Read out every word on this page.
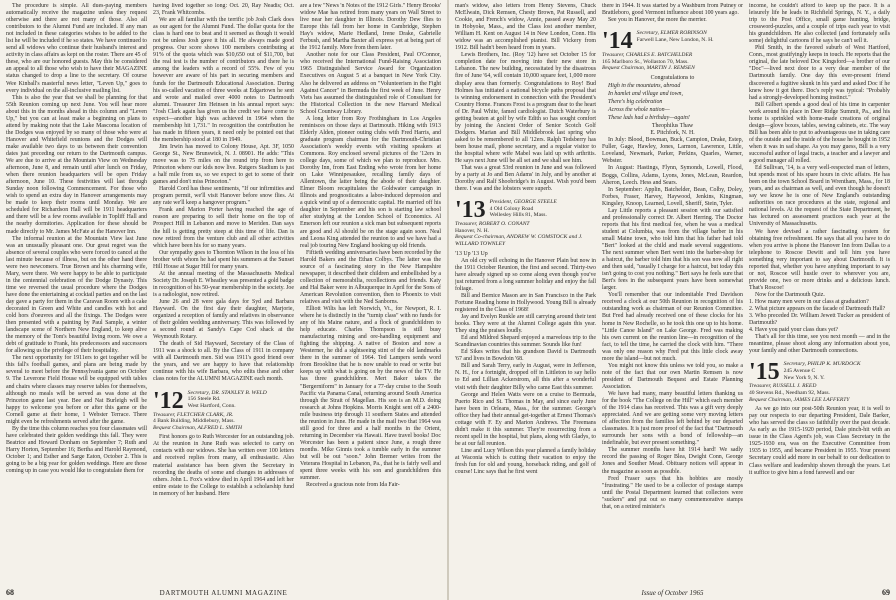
The procedure is simple. All dues-paying members automatically receive the magazine unless they request otherwise and there are not many of those. Also all contributors to the Alumni Fund are included. If any man not included in these categories wishes to be added to the list he will be included if he so states. We have continued to send all widows who continue their husband's interest and activity in class affairs as kept on the roster. There are 45 of these, who are our honored guests. May this be considered an appeal to all those who wish to have their MAGAZINE status changed to drop a line to the secretary. Of course Wee Kinball's masterful news letter, "Leven Up," goes to every individual on the all-inclusive mailing list.

This is also the year that we shall be planning for that 55th Reunion coming up next June. You will hear more about this in the months ahead in this column and "Leven Up," but you can at least make a beginning on plans to attend by making note that the Lake Mascoma location of the Dodges was enjoyed by so many of those who were at Hanover and Whitefield reunions and the Dodges will make available two days to us between their convention dates just preceding our return to the Dartmouth campus. We are due to arrive at the Mountain View on Wednesday afternoon, June 8, and remain until after lunch on Friday, when there reunion headquarters will be open Friday afternoon, June 10. These festivities will last through Sunday noon following Commencement. For those who wish to spend an extra day in Hanover arrangements may be made to keep their rooms until Monday. We are scheduled for Richardson Hall will be 1911 headquarters and there will be a few rooms available in Topliff Hall and the nearby dormitories. Application for these should be made directly to Mr. James McFate at the Hanover Inn.

The informal reunion at the Mountain View last June was an unusually pleasant one. Our great regret was the absence of several couples who were forced to cancel at the last minute because of illness, but on the other hand there were two newcomers. True Brown and his charming wife, Mary, were there. We were happy to be able to participate in the centennial celebration of the Dodge Dynasty. This time we reversed the usual procedure where the Dodges have done the entertaining at cocktail parties and on the last day gave a party for them in the Caravan Room with a cake decorated in Green and White and candles with hot and cold hors d'oeuvres and all the fixings. The Dodges were then presented with a painting by Paul Sample, a winter landscape scene of Northern New England, to keep alive the memory of the Tom's beautiful living room. We owe a debt of gratitude to Frank, his predecessors and successors for allowing us the privilege of their hospitality.

The next opportunity for 1911ers to get together will be this fall's football games, and plans are being made by several to meet before the Pennsylvania game on October 9. The Leverone Field House will be equipped with tables and chairs where classes may reserve tables for themselves, although no meals will be served as was done at the Princeton game last year. Bee and Nat Burleigh will be happy to welcome you before or after this game or the Cornell game at their home, 1 Webster Terrace. There might even be refreshments served after the game.

By the time this column reaches you four classmates will have celebrated their golden weddings this fall. They were Beatrice and Howard Donham on September 7; Ruth and Harry Horton, September 16; Bertha and Harold Raymond, October 1; and Esther and Sarge Eaton, October 2. This is going to be a big year for golden weddings. Here are those coming up in case you would like to congratulate them for

having lived together so long: Oct. 20, Ray Neadis; Oct. 23, Frank Whitcombs.

We are all familiar with the terrific job Josh Clark does as our agent for the Alumni Fund. The dollar quota for the class is hard one to beat and it seemed as though it would not be unless Josh gave it his all. He always made good progress. Our score shows 100 members contributing at 91% of the quota which was $10,650 out of $11,700, but the real test is the number of contributors and there he is among the leaders with a record of 55%. Few of you however are aware of his part in securing members and funds for the Dartmouth Educational Association. During his so-called vacation of three weeks at Edgartown he sent and wrote and mailed over 4000 notes to Dartmouth alumni. Treasurer Jim Heinsen in his annual report says: "Josh Clark again has given us the credit we have come to expect—another high was achieved in 1964 when the membership hit 1,731." In recognition the contribution he has made in fifteen years, it need only be pointed out that the membership stood at 180 in 1949.

Jim Irwin has moved to Colony House, Apt. 3F, 1050 George St., New Brunswick, N. J. 08901. He adds: "This move was to 75 miles on the round trip from here to Princeton where our kids now live. Rutgers Stadium is just a half mile from us, so we expect to get to some of their games and don't miss Princeton."

Harold Cord has these sentiments, "If our infirmities and program permit, we'll visit Hanover before snow flies. At any rate we'll keep a hangover program."

Frank and Marion Porter having reached the age of reason are preparing to sell their home on the top of Prospect Hill in Lebanon and move to Meriden. Dan says the hill is getting pretty steep at this time of life. Dan is now retired from the venture club and all other activities which have been his for so many years.

Our sympathy goes to Thornton Wilson in the loss of his brother with whom he had spent his summers at the Sunset Hill House at Sugar Hill for many years.

At the annual meeting of the Massachusetts Medical Society Dr. Joseph E. Wheatley was presented a gold badge in recognition of his 50-year membership in the society. Joe is a radiologist, now retired.

June 26 and 28 were gala days for Syd and Barbara Hayward. On the first day their daughter, Marjorie, organized a reception of family and relatives in observance of their golden wedding anniversary. This was followed by a second round at Sandy's Cape Cod shack at the Weymouth Rotary.

The death of Sid Hayward, Secretary of the Class of 1911 was a shock to all. By the Class of 1911 in company with all Dartmouth men. Sid was 1911's good friend over the years, and we are happy to have that relationship continue with his wife Barbara, who edits these and other class notes for the ALUMNI MAGAZINE each month.

'12 Secretary, DR. STANLEY B. WELD
156 Steele Rd.
West Hartford, Conn.
Treasurer, FLETCHER CLARK, JR.
4 Bank Building, Middlebury, Mass.
Bequest Chairman, ALFRED L. SMITH

First honors go to Ruth Worcester for an outstanding job. At the reunion in June Ruth was selected to carry on contacts with our widows. She has written over 100 letters and received replies from many, all enthusiastic. Also material assistance has been given the Secretary in recording the deaths of some and changes in addresses of others. John L. Fox's widow died in April 1964 and left her entire estate to the College to establish a scholarship fund in memory of her husband. Here

are a few "News 'n Notes of the 1912 Girls." Henry Brooks' widow Mae has retired from many years on Wall Street to live near her daughter in Illinois. Dorothy Dew flies to Europe this fall from her home in Cambridge, Stephen Hay's widow, Marie Hedland, Irene Drake, Gabrielle Ferbush, and Martha Baxter all express yet at being part of the 1912 family. More from them later.

Another note for our Class President, Paul O'Connor, who received the International Fund-Raising Association 1965 Distinguished Service Award for Organization Executives on August 5 at a banquet in New York City. Also he delivered an address on "Volunteerism in the Fight Against Cancer" in Bermuda the first week of June. Henry Viets has assumed the distinguished role of Consultant for the Historical Collection in the new Harvard Medical School Countway Library.

A long letter from Roy Frothingham in Los Angeles reminisces on those days at Dartmouth. Hiking with 1913 Elderly Alden, pioneer outing clubs with Fred Harris, and graduate program chairman for the Dartmouth-Christian Association's weekly events with visiting speakers at Commons. Roy enclosed several pictures of the '12ers in college days, some of which we plan to reproduce. Mrs. Dorothy Inn, from East Ending who wrote from her home on Lake Winnipesaukee, recalling family days of Allentown, the latter being the abode of their daughter. Elmer Bloom recapitulates the Goldwater campaign in Illinois and prognosticates a labor-induced depression and a quick wind up of a democratic capital. He married off his daughter in September and his son is starting law school after studying at the London School of Economics. Al Emerson left our reunion a sick man but subsequent reports are good and Al should be on the stage again soon. Neal and Leona King attended the reunion to and we have had a real job touring New England hooking up old friends.

Fiftieth wedding anniversaries have been recorded by the Harold Bakers and the Ethan Colbys. The latter was the source of a fascinating story in the New Hampshire newspaper, it described their children and embellished by a collection of memorabilia, recollections and friends. Katy and Hal Baker were in Albuquerque in April for the Sons of American Revolution convention, then to Phoenix to visit relatives and visit with the Ned Sanborns.

Elliott Wilts has left Norwich, Vt., for Newport, R. I. where he is distinctly in the "turnip class" with no funds for any of his Maine nature, and a flock of grandchildren to help educate. Charles Thompson is still busy manufacturing mining and ore-handling equipment and fighting the shipping. A native of Boston and now a Westerner, he did a sightseeing stint of the old landmarks there in the summer of 1964. Ted Lampers sends word from Brookline that he is now unable to read or write but keeps up with what is going on by the news of the TV. He has three grandchildren. Mert Baker takes the "Bergerniform" in January for a 77-day cruise to the South Pacific via Panama Canal, returning around South America through the Strait of Magellan. His son is an M.D. doing research at Johns Hopkins. Morris Knight sent off a 2400-mile business trip through 11 southern States and attended the reunion in June. He made in the mail two that 1964 was still good for three and a half months in the Orient, returning in December via Hawaii. Have travel books! Doc Worcester has been a patient since June, a rough three months. Mike Ginnis took a tumble early in the summer but will be out "soon." John Bremer writes from the Veterans Hospital in Lebanon, Pa., that he is fairly well and spent three weeks with his son and grandchildren this summer.

Received a gracious note from Ida Fair-

68	DARTMOUTH ALUMNI MAGAZINE

man's widow, also letters from Henry Stevens, Chuck McElwain, Dick Remsen, Chesty Brown, Pat Russell, and Cookie, and French's widow, Annie, passed away May 20 in Hobyoke, Mass., and the Class lost another member, William H. Kent on August 14 in New London, Conn. His widow was an accomplished pianist. Bill Vickery from 1912. Bill hadn't been heard from in years.

Lewis Brothers, Inc. (Roy '12) have set October 15 for completion date for moving into their new store in Lebanon. The new building, necessitated by the disastrous fire of June '64, will contain 10,000 square feet, 1,000 more display area than formerly. Congratulations to Roy! Bud Holmes has initiated a national bicycle paths proposal that is winning endorsement in connection with the President's Country Home. Frances Frost is a program dear to the heart of Dr. Paul White, famed cardiologist. Dutch Waterbury is getting beaten at golf by wife Edith so has sought comfort by joining the Ancient Order of Senior Scotch Golf Dodgers. Marian and Bill Middlebrook last spring who asked to be remembered to all '12ers. Ralph Tedsberry has been house mail, phone secretary, and a regular visitor to the hospital where wife Mabel was laid up with arthritis. He says next June will be all set and we shall see him.

That was a great 53rd reunion in June and was followed by a party at Jo and Ben Adams' in July, and by another at Dorothy and Ralf Shoobridge's in August. Wish you'd been there. I was and the lobsters were superb.

'13 President, GEORGE STEELE
4 Old Colony Road
Wellesley Hills 81, Mass.
Treasurer, ROBERT O. CONANT
Hanover, N. H.
Bequest Co-chairman, ANDREW W. COMSTOCK and J. WILLARD TOWNLEY

'13 Up '13 Up

An old cry will echoing in the Hanover Plain but now in the 1911 October Reunion, the first and second. Thirty-two have already signed up so come along even though you've just returned from a long summer holiday and enjoy the fall foliage.

Bill and Bernice Mason are in San Francisco in the Park Fortune Reading home in Hollywood. Young Bill is already registered in the Class of 1968!

Jay and Evelyn Runkle are still carrying around their tent books. They were at the Alumni College again this year. They sing the praises loudly.

Ed and Mildred Shepard enjoyed a marvelous trip to the Scandinavian countries this summer. Sounds like fun!

Ed Sikes writes that his grandson David is Dartmouth '67 and lives in Bowdoin '68.

Bill and Sarah Terry, early in August, were in Jefferson, N. H., for a fortnight, dropped off in Littleton to say hello to Ed and Lillian Ackerstrom, all this after a wonderful visit with their daughter Billy who came East this summer.

George and Helen Watts were on a cruise to Bermuda, Puerto Rico and St. Thomas in May, and since early June have been in Orleans, Mass., for the summer. George's office they had their annual get-together at Ernest Thomas's cottage with F. Ey and Marion Andrews. The Freemans didn't make it this summer. They're resurrecting from a recent spell in the hospital, but plans, along with Gladys, to be at our fall reunion.

Line and Lucy Wilson this year planned a family holiday at Waconia which is cutting their vacation to enjoy the fresh fun for old and young, horseback riding, and golf of course! Linc says that he first went

there in 1944. It was started by a Washburn from Putney or Brattleboro, good Vermont influence about 100 years ago.

See you in Hanover, the more the merrier.

'14 Secretary, ELMER ROBINSON
Farwell Lane, New London, N. H.
Treasurer, CHARLES E. BATCHELDER
165 Marlboro St., Wollaston 70, Mass.
Bequest Chairman, MARTIN J. REMSEN

Congratulations to

High in the mountains, abroad

In hamlet and village and town,

There's big celebration

Across the whole nation—

These lads had a birthday—again!

Theophilus Thaw

E. Pitchfork, N. H.

In July: Blood, Bowman, Buck, Campion, Drake, Estep, Fuller, Gage, Hawley, Jones, Larmon, Lawrence, Little, Loveland, Newmark, Parker, Perkins, Quarles, Warner, Webster.

In August: Hastings, Flynn, Symonds, Lowell, Flood, Boggs, Collins, Adams, Lyons, Jones, McLean, Reardon, Aheron, Leech. Hess and Sears.

In September: Applin, Batchelder, Bean, Colby, Doley, Forbes, Fraser, Harvey, Haywood, Jenkins, Kingman, Kingsley, Knoop, Learned, Lovell, Sheriff, Stein, Tyler.

Lay Little reports a pleasant session with our satisfied and professionally correct Dr. Albert Herring. The Doctor reports that his first medical fee, when he was a medical student at Columbia, was from the village barber in his small Maine town, who told him that his father had told "Bert" looked at the child and made several suggestions. The next summer when Bert went into the barber-shop for a haircut, the barber told him that his son was now all right and then said, "usually I charge for a haircut, but today this isn't going to cost you nothing." Bert says he feels sure that Bert's fees in the subsequent years have been somewhat larger.

You'll remember that our indomitable Fred Davidson received a clock at our 50th Reunion in recognition of his outstanding work as chairman of our Reunion Committee. But Fred had already received one of these clocks for his home in New Rochelle, so he took this one up to his home. "Little Canoe Island" on Lake George. Fred was making his own current on the reunion line—in recognition of the fact, to tell the time, he carried the clock with him. "There was only one reason why Fred put this little clock away more the island—but not much.

You might not know this unless we told you, so make a note of the fact that our own Martin Remsen is now president of Dartmouth Bequest and Estate Planning Association.

We have had many, many beautiful letters thanking us for the book "The College on the Hill" which each member of the 1914 class has received. This was a gift very deeply appreciated. And we are getting some very moving letters of affection from the families left behind by our departed classmates. It is just more proof of the fact that "Dartmouth surrounds her sons with a bond of fellowship—an indefinable, but ever present something."

The summer months have hit 1914 hard! We sadly record the passing of Roger Blea, Dwight Conn, George Jones and Souther Mead. Obituary notices will appear in the magazine as soon as possible.

Fred Fraser says that his hobbies are mostly "frustrating." He used to be a collector of postage stamps until the Postal Department learned that collectors were "suckers" and put out so many commemorative stamps that, on a retired minister's

income, he couldn't afford to keep up the pace. It is a leisurely life he leads in Richfield Springs, N. Y., a daily trip to the Post Office, small game hunting, bridge, crossword-puzzles, and a couple of trips each year to visit his grandchildren. He also collected (and fortunately sells some) delightful cartoons if he says he can't sell it.

Phil Smith, in the favored suburb of West Hartford, Conn., most gratifyingly keeps in touch. He reports that the original, the late beloved Doc Kingsford—a brother of our "Doc"—lived next door to a very dear member of the Dartmouth family. One day this ever-present friend discovered a fugitive skunk in his yard and asked Doc if he knew how it got there. Doc's reply was typical: "Probably had a strongly-developed homing instinct."

Bill Gilbert spends a good deal of his time in carpenter work around his place in Deer Ridge Summit, Pa., and his home is sprinkled with home-made creations of original design—glove boxes, tables, sewing cabinets, etc. The way Bill has been able to put to advantageous use in taking care of the outside and the inside of the house he bought in 1952 when it was in sad shape. As you may guess, Bill is a very successful author of legal tracts, a teacher and a lawyer and a good manager all rolled.

Ed Sullivan, '14, is a very well-respected man of letters, but spends most of his spare hours in civic affairs. He has been on the town School Board in Wrentham, Mass., for 18 years, and as chairman as well, and even though he doesn't say we know he is one of New England's outstanding authorities on race procedures at the state, regional and national levels. At the request of the State Department, he has lectured on assessment practices each year at the University of Massachusetts.

We have devised a rather fascinating system for obtaining free refreshment. He says that all you have to do when you arrive is phone the Hanover Inn from Dallas to a telephone to Roscoe Dewitt and tell him you have something very important to say about Dartmouth. It is reported that, whether you have anything important to say or not, Roscoe will hustle over to wherever you are, provide one, two or more drinks and a delicious lunch. That's Roscoe!

Now for the Dartmouth Quiz.

1. How many men were in our class at graduation?

2. What picture appears on the facade of Dartmouth Hall?

3. Who preceded Dr. William Jewett Tucker as president of Dartmouth?

4. Have you paid your class dues yet?

That's all for this time, see you next month — and in the meantime, please shoot along any information about you, your family and other Dartmouth connections.

'15 Secretary, PHILIP K. MURDOCK
245 Avenue C
New York 9, N. Y.
Treasurer, RUSSELL J. REED
40 Stevens Rd., Needham 92, Mass.
Bequest Chairman, JAMES LEE LAFFERTY

As we go into our post-50th Reunion year, it is well to pay our respects to our departing President, Dale Barker, who has served the class so faithfully over the past decade. As early as the 1915-1920 period, Dale pinch-hit with an issue in the Class Agent's job, was Class Secretary in the 1925-1930 era, was on the Executive Committee from 1935 to 1955, and became President in 1955. Your present Secretary could add more in our behalf to our dedication to Class welfare and leadership shown through the years. Let it suffice to give him a fond farewell and our

Issue of October 1965	69
